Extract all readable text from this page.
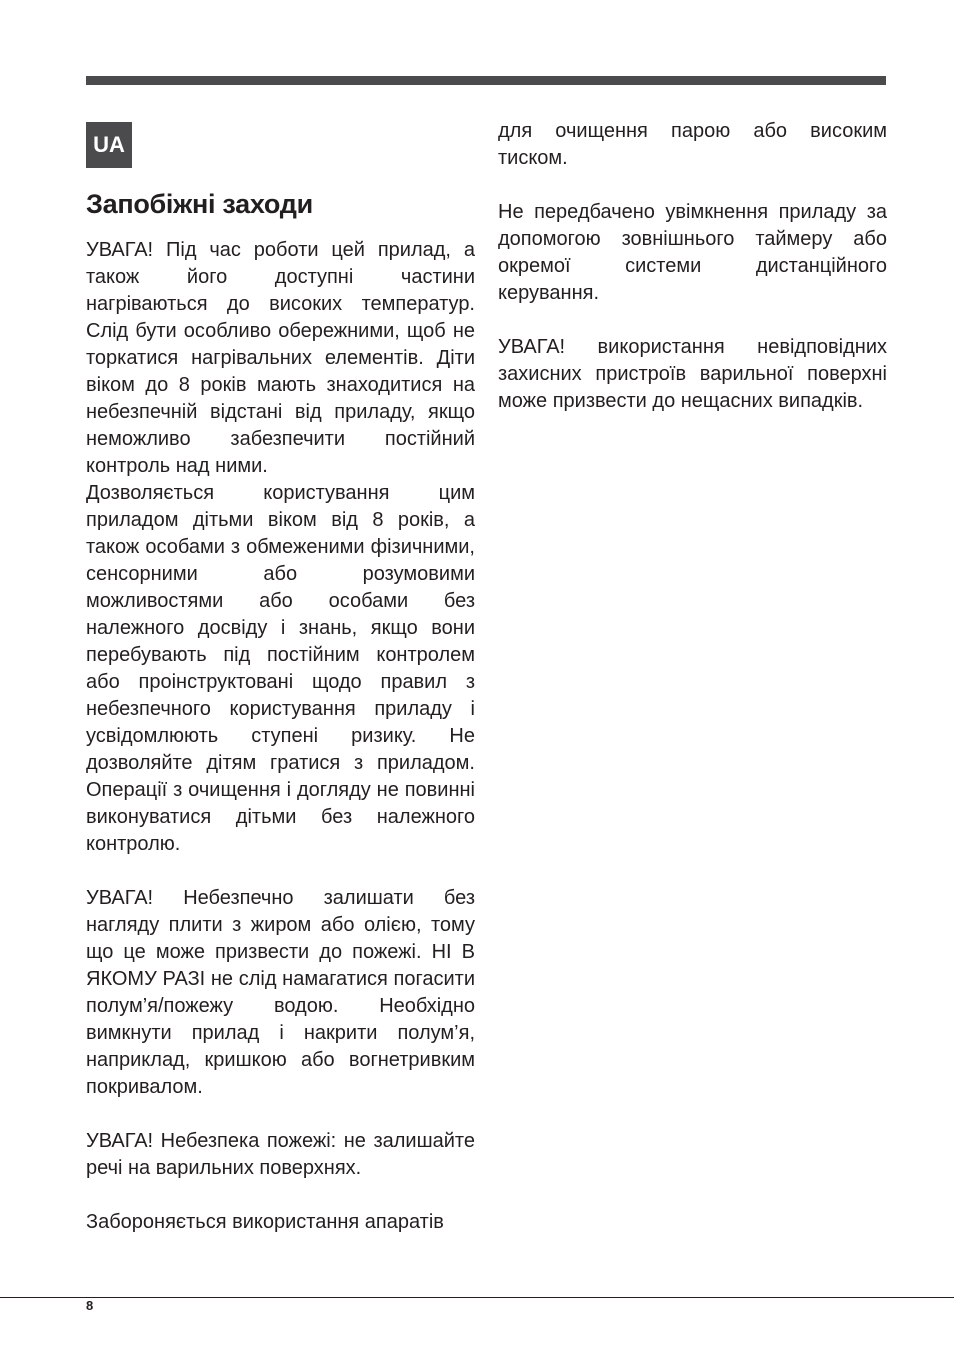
UA
Запобіжні заходи

УВАГА! Під час роботи цей прилад, а також його доступні частини нагріваються до високих температур. Слід бути особливо обережними, щоб не торкатися нагрівальних елементів. Діти віком до 8 років мають знаходитися на небезпечній відстані від приладу, якщо неможливо забезпечити постійний контроль над ними.

Дозволяється користування цим приладом дітьми віком від 8 років, а також особами з обмеженими фізичними, сенсорними або розумовими можливостями або особами без належного досвіду і знань, якщо вони перебувають під постійним контролем або проінструктовані щодо правил з небезпечного користування приладу і усвідомлюють ступені ризику. Не дозволяйте дітям гратися з приладом. Операції з очищення і догляду не повинні виконуватися дітьми без належного контролю.

УВАГА! Небезпечно залишати без нагляду плити з жиром або олією, тому що це може призвести до пожежі. НІ В ЯКОМУ РАЗІ не слід намагатися погасити полум’я/пожежу водою. Необхідно вимкнути прилад і накрити полум’я, наприклад, кришкою або вогнетривким покривалом.

УВАГА! Небезпека пожежі: не залишайте речі на варильних поверхнях.

Забороняється використання апаратів

для очищення парою або високим тиском.

Не передбачено увімкнення приладу за допомогою зовнішнього таймеру або окремої системи дистанційного керування.

УВАГА! використання невідповідних захисних пристроїв варильної поверхні може призвести до нещасних випадків.

8
